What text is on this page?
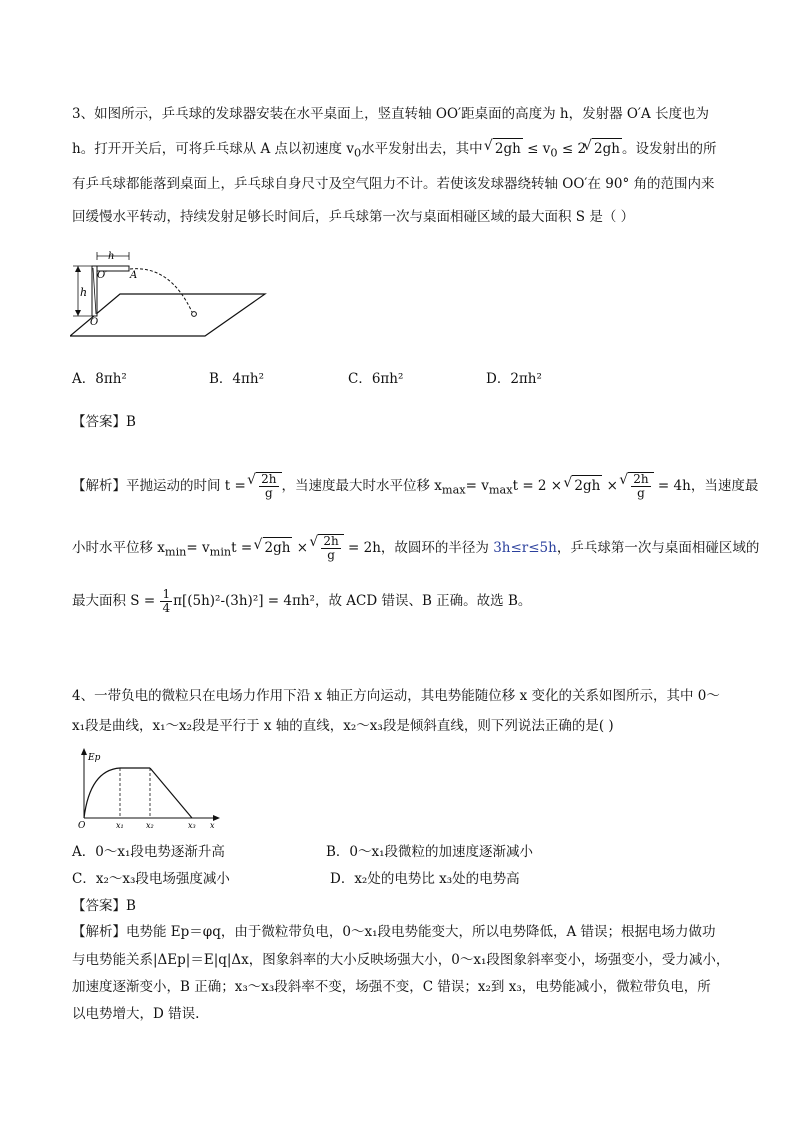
3、如图所示，乒乓球的发球器安装在水平桌面上，竖直转轴 OO′距桌面的高度为 h，发射器 O′A 长度也为
h。打开开关后，可将乒乓球从 A 点以初速度 $v_0$水平发射出去，其中 √ $2gh \le v_0 \le 2√$ 2gh 。设发射出的所
有乒乓球都能落到桌面上，乒乓球自身尺寸及空气阻力不计。若使该发球器绕转轴 OO′在 90° 角的范围内来
回缓慢水平转动，持续发射足够长时间后，乒乓球第一次与桌面相碰区域的最大面积 S 是（ ）
h
h
O′ A
O
A．8πh²	B．4πh²	C．6πh²	D．2πh²
【答案】B
【解析】平抛运动的时间 t =
√ $\frac{2h}{g}$ ，当速度最大时水平位移 $x_{max}= v_{max}t = 2$ × √ 2gh ×
√ $\frac{2h}{g} = 4h$，当速度最
小时水平位移 $x_{min}= v_{min}t$ = √ 2gh ×
√ $\frac{2h}{g} = 2h$，故圆环的半径为 3h≤r≤5h，乒乓球第一次与桌面相碰区域的
最大面积 $S = \frac{1}{4} \pi[(5h)^2-(3h)^2] = 4\pi h^2$，故 ACD 错误、B 正确。故选 B。
4、一带负电的微粒只在电场力作用下沿 x 轴正方向运动，其电势能随位移 x 变化的关系如图所示，其中 0～
x₁段是曲线，x₁～x₂段是平行于 x 轴的直线，x₂～x₃段是倾斜直线，则下列说法正确的是( )
Ep
O	x₁	x₂	x₃ x
A．0～x₁段电势逐渐升高	B．0～x₁段微粒的加速度逐渐减小
C．x₂～x₃段电场强度减小	D．x₂处的电势比 x₃处的电势高
【答案】B
【解析】电势能 Ep＝φq，由于微粒带负电，0～x₁段电势能变大，所以电势降低，A 错误；根据电场力做功
与电势能关系|ΔEp|＝E|q|Δx，图象斜率的大小反映场强大小，0～x₁段图象斜率变小，场强变小，受力减小，
加速度逐渐变小，B 正确；x₃～x₃段斜率不变，场强不变，C 错误；x₂到 x₃，电势能减小，微粒带负电，所
以电势增大，D 错误.
